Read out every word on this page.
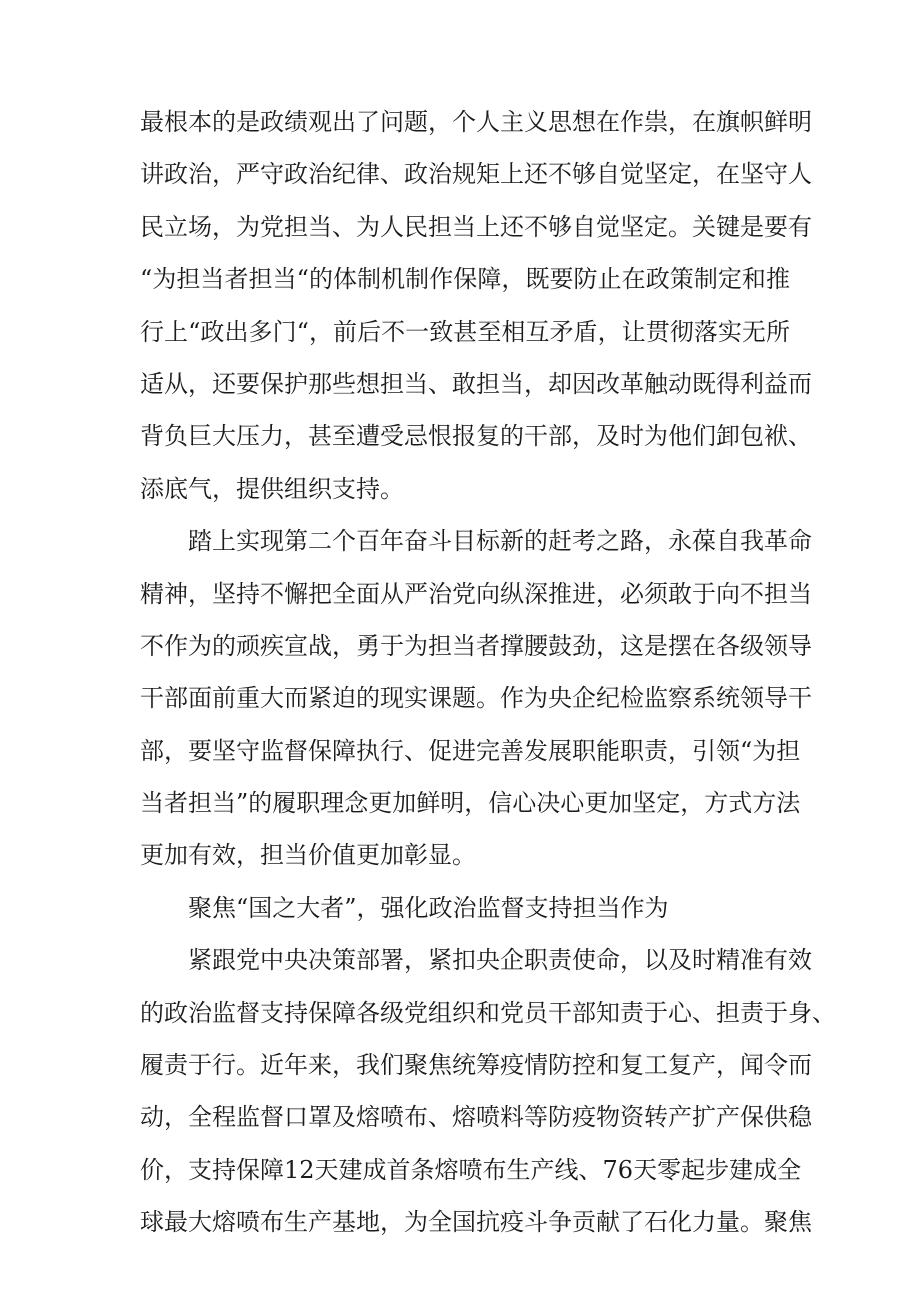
最根本的是政绩观出了问题，个人主义思想在作祟，在旗帜鲜明
讲政治，严守政治纪律、政治规矩上还不够自觉坚定，在坚守人
民立场，为党担当、为人民担当上还不够自觉坚定。关键是要有
“为担当者担当“的体制机制作保障，既要防止在政策制定和推
行上“政出多门“，前后不一致甚至相互矛盾，让贯彻落实无所
适从，还要保护那些想担当、敢担当，却因改革触动既得利益而
背负巨大压力，甚至遭受忌恨报复的干部，及时为他们卸包袱、
添底气，提供组织支持。
踏上实现第二个百年奋斗目标新的赶考之路，永葆自我革命
精神，坚持不懈把全面从严治党向纵深推进，必须敢于向不担当
不作为的顽疾宣战，勇于为担当者撑腰鼓劲，这是摆在各级领导
干部面前重大而紧迫的现实课题。作为央企纪检监察系统领导干
部，要坚守监督保障执行、促进完善发展职能职责，引领“为担
当者担当”的履职理念更加鲜明，信心决心更加坚定，方式方法
更加有效，担当价值更加彰显。
聚焦“国之大者”，强化政治监督支持担当作为
紧跟党中央决策部署，紧扣央企职责使命，以及时精准有效
的政治监督支持保障各级党组织和党员干部知责于心、担责于身、
履责于行。近年来，我们聚焦统筹疫情防控和复工复产，闻令而
动，全程监督口罩及熔喷布、熔喷料等防疫物资转产扩产保供稳
价，支持保障12天建成首条熔喷布生产线、76天零起步建成全
球最大熔喷布生产基地，为全国抗疫斗争贡献了石化力量。聚焦
